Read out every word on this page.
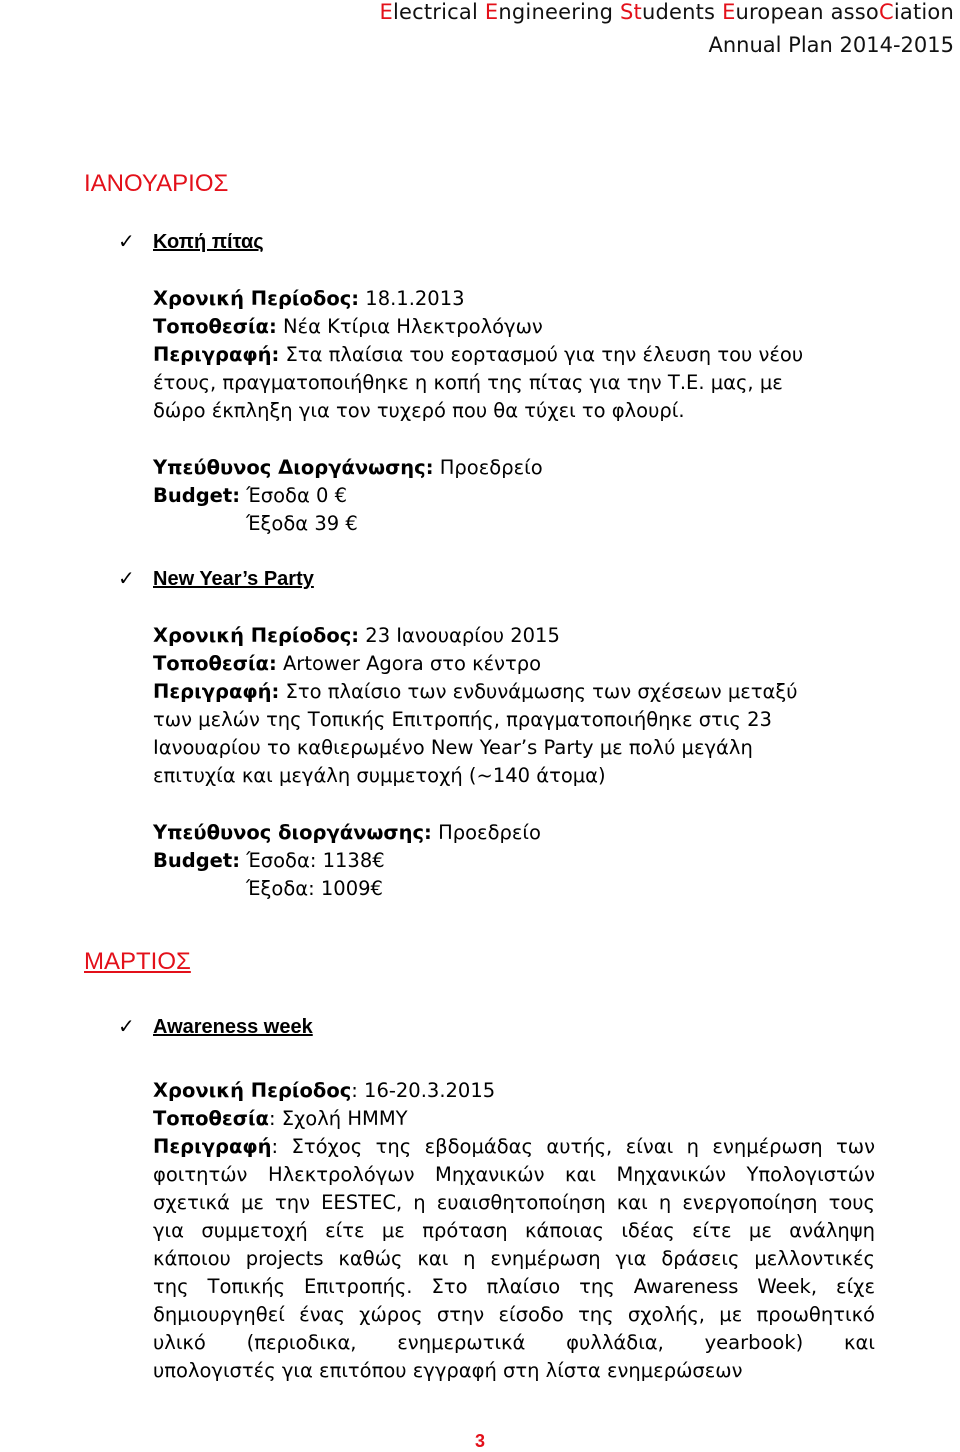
Electrical Engineering Students European assoCiation
Annual Plan 2014-2015
ΙΑΝΟΥΑΡΙΟΣ
✓ Κοπή πίτας
Χρονική Περίοδος: 18.1.2013
Τοποθεσία: Νέα Κτίρια Ηλεκτρολόγων
Περιγραφή: Στα πλαίσια του εορτασμού για την έλευση του νέου
έτους, πραγματοποιήθηκε η κοπή της πίτας για την Τ.Ε. μας, με
δώρο έκπληξη για τον τυχερό που θα τύχει το φλουρί.
Υπεύθυνος Διοργάνωσης: Προεδρείο
Budget: Έσοδα 0 €
Έξοδα 39 €
✓ New Year’s Party
Χρονική Περίοδος: 23 Ιανουαρίου 2015
Τοποθεσία: Artower Agora στο κέντρο
Περιγραφή: Στο πλαίσιο των ενδυνάμωσης των σχέσεων μεταξύ
των μελών της Τοπικής Επιτροπής, πραγματοποιήθηκε στις 23
Ιανουαρίου το καθιερωμένο New Year’s Party με πολύ μεγάλη
επιτυχία και μεγάλη συμμετοχή (~140 άτομα)
Υπεύθυνος διοργάνωσης: Προεδρείο
Budget: Έσοδα: 1138€
Έξοδα: 1009€
ΜΑΡΤΙΟΣ
✓ Awareness week
Χρονική Περίοδος: 16-20.3.2015
Τοποθεσία: Σχολή ΗΜΜΥ
Περιγραφή: Στόχος της εβδομάδας αυτής, είναι η ενημέρωση των
φοιτητών Ηλεκτρολόγων Μηχανικών και Μηχανικών Υπολογιστών
σχετικά με την EESTEC, η ευαισθητοποίηση και η ενεργοποίηση τους
για συμμετοχή είτε με πρόταση κάποιας ιδέας είτε με ανάληψη
κάποιου projects καθώς και η ενημέρωση για δράσεις μελλοντικές
της Τοπικής Επιτροπής. Στο πλαίσιο της Awareness Week, είχε
δημιουργηθεί ένας χώρος στην είσοδο της σχολής, με προωθητικό
υλικό (περιοδικα, ενημερωτικά φυλλάδια, yearbook) και
υπολογιστές για επιτόπου εγγραφή στη λίστα ενημερώσεων
3
